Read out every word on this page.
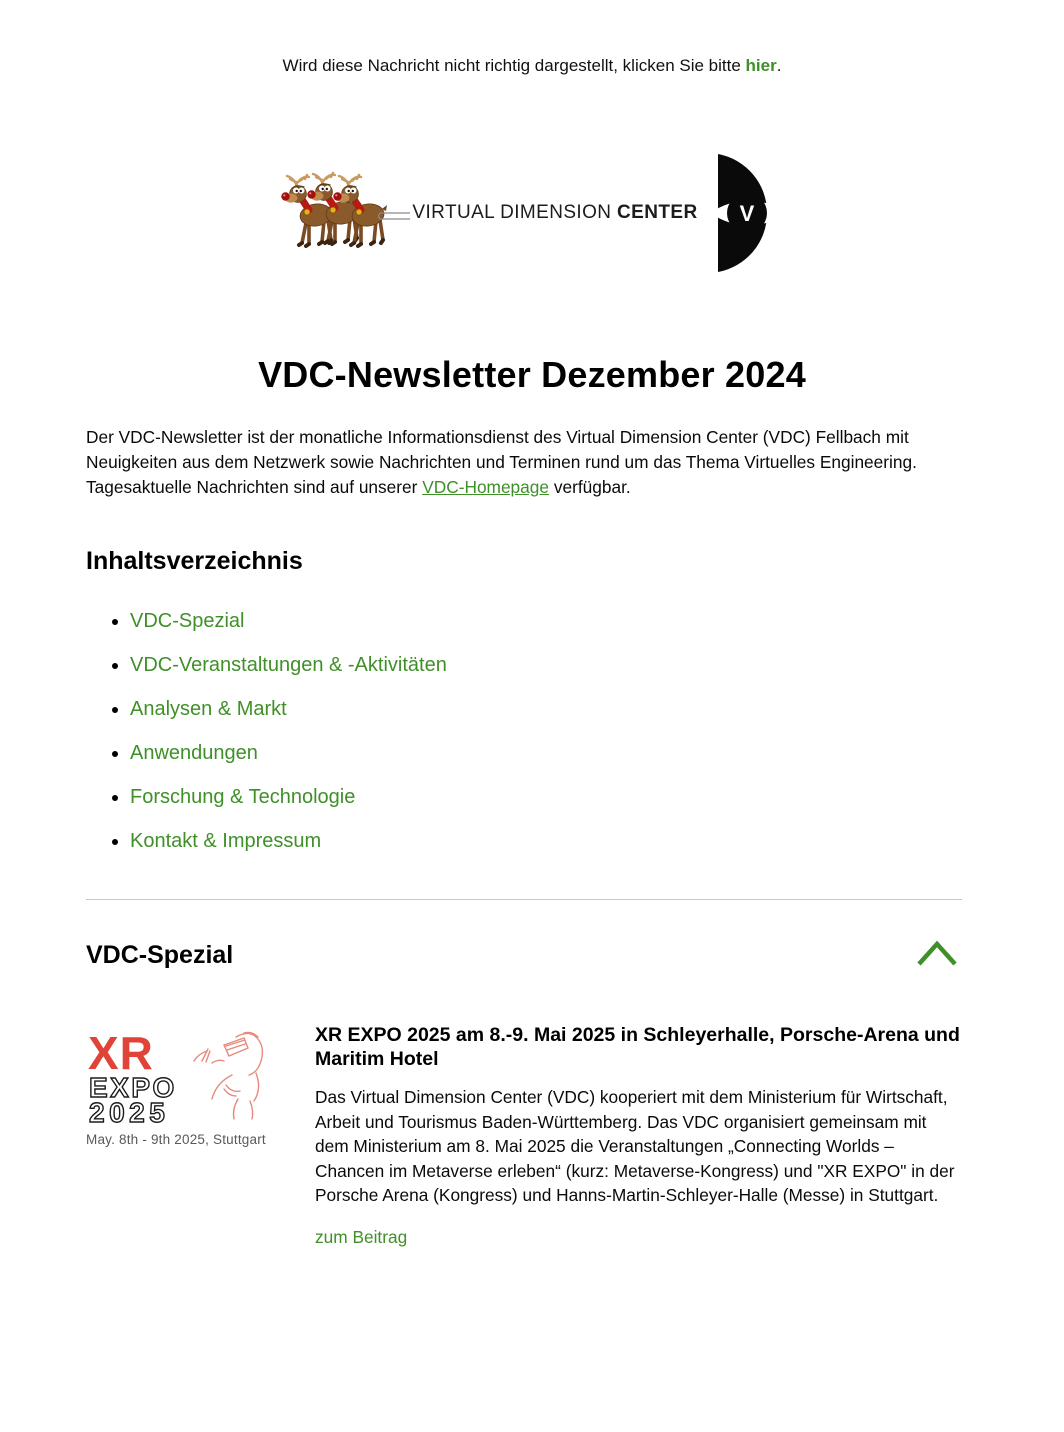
Wird diese Nachricht nicht richtig dargestellt, klicken Sie bitte hier.
VIRTUAL DIMENSION CENTER V
VDC-Newsletter Dezember 2024

Der VDC-Newsletter ist der monatliche Informationsdienst des Virtual Dimension Center (VDC) Fellbach mit Neuigkeiten aus dem Netzwerk sowie Nachrichten und Terminen rund um das Thema Virtuelles Engineering. Tagesaktuelle Nachrichten sind auf unserer VDC-Homepage verfügbar.

Inhaltsverzeichnis
• VDC-Spezial
• VDC-Veranstaltungen & -Aktivitäten
• Analysen & Markt
• Anwendungen
• Forschung & Technologie
• Kontakt & Impressum
VDC-Spezial
XR
EXPO
2025
May. 8th - 9th 2025, Stuttgart
XR EXPO 2025 am 8.-9. Mai 2025 in Schleyerhalle, Porsche-Arena und Maritim Hotel

Das Virtual Dimension Center (VDC) kooperiert mit dem Ministerium für Wirtschaft, Arbeit und Tourismus Baden-Württemberg. Das VDC organisiert gemeinsam mit dem Ministerium am 8. Mai 2025 die Veranstaltungen „Connecting Worlds – Chancen im Metaverse erleben“ (kurz: Metaverse-Kongress) und "XR EXPO" in der Porsche Arena (Kongress) und Hanns-Martin-Schleyer-Halle (Messe) in Stuttgart.

zum Beitrag
